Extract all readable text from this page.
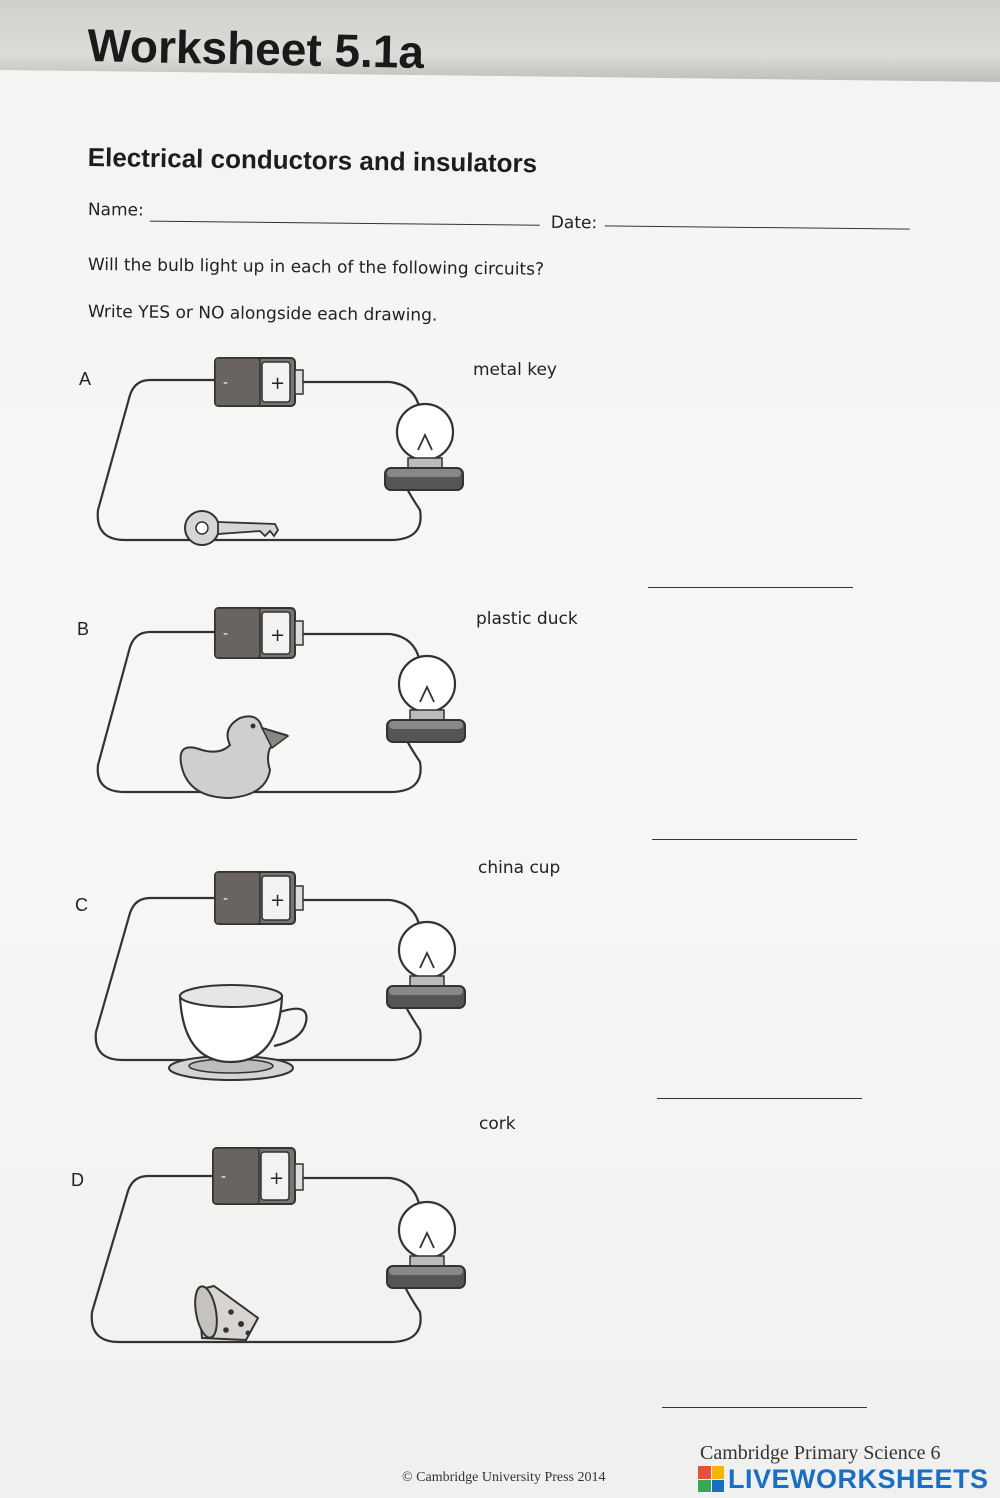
Worksheet 5.1a
Electrical conductors and insulators
Name:
Date:
Will the bulb light up in each of the following circuits?
Write YES or NO alongside each drawing.
A
B
C
D
metal key
plastic duck
china cup
cork
- +
- +
- +
- +
Cambridge Primary Science 6
© Cambridge University Press 2014	LIVEWORKSHEETS
